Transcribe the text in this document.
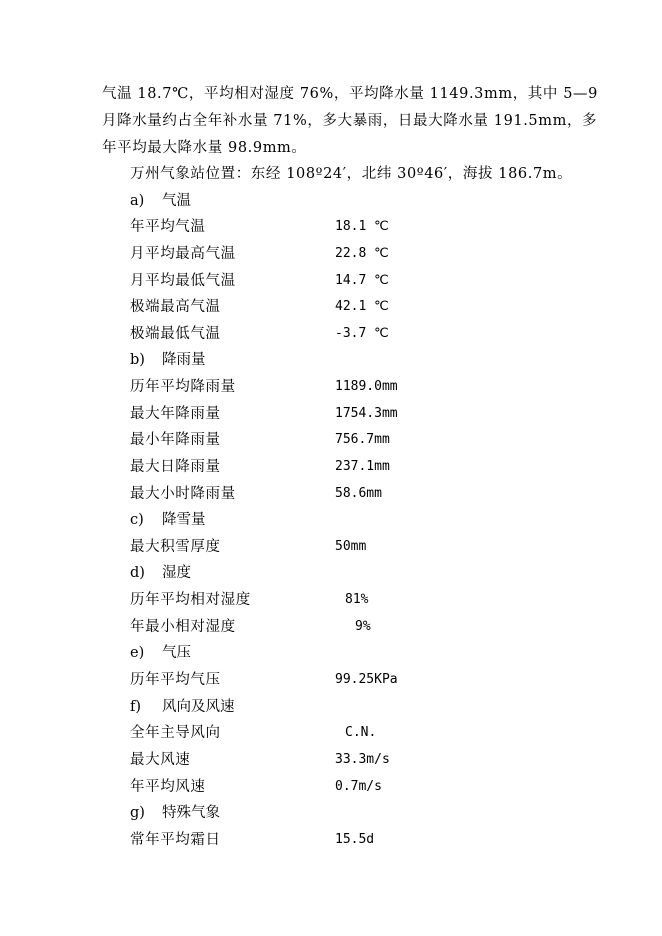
气温 18.7℃，平均相对湿度 76%，平均降水量 1149.3mm，其中 5—9
月降水量约占全年补水量 71%，多大暴雨，日最大降水量 191.5mm，多
年平均最大降水量 98.9mm。
万州气象站位置：东经 108º24′，北纬 30º46′，海拔 186.7m。
a) 气温
年平均气温	18.1 ℃
月平均最高气温	22.8 ℃
月平均最低气温	14.7 ℃
极端最高气温	42.1 ℃
极端最低气温	-3.7 ℃
b) 降雨量
历年平均降雨量	1189.0mm
最大年降雨量	1754.3mm
最小年降雨量	756.7mm
最大日降雨量	237.1mm
最大小时降雨量	58.6mm
c) 降雪量
最大积雪厚度	50mm
d) 湿度
历年平均相对湿度	81%
年最小相对湿度	9%
e) 气压
历年平均气压	99.25KPa
f) 风向及风速
全年主导风向	C.N.
最大风速	33.3m/s
年平均风速	0.7m/s
g) 特殊气象
常年平均霜日	15.5d
